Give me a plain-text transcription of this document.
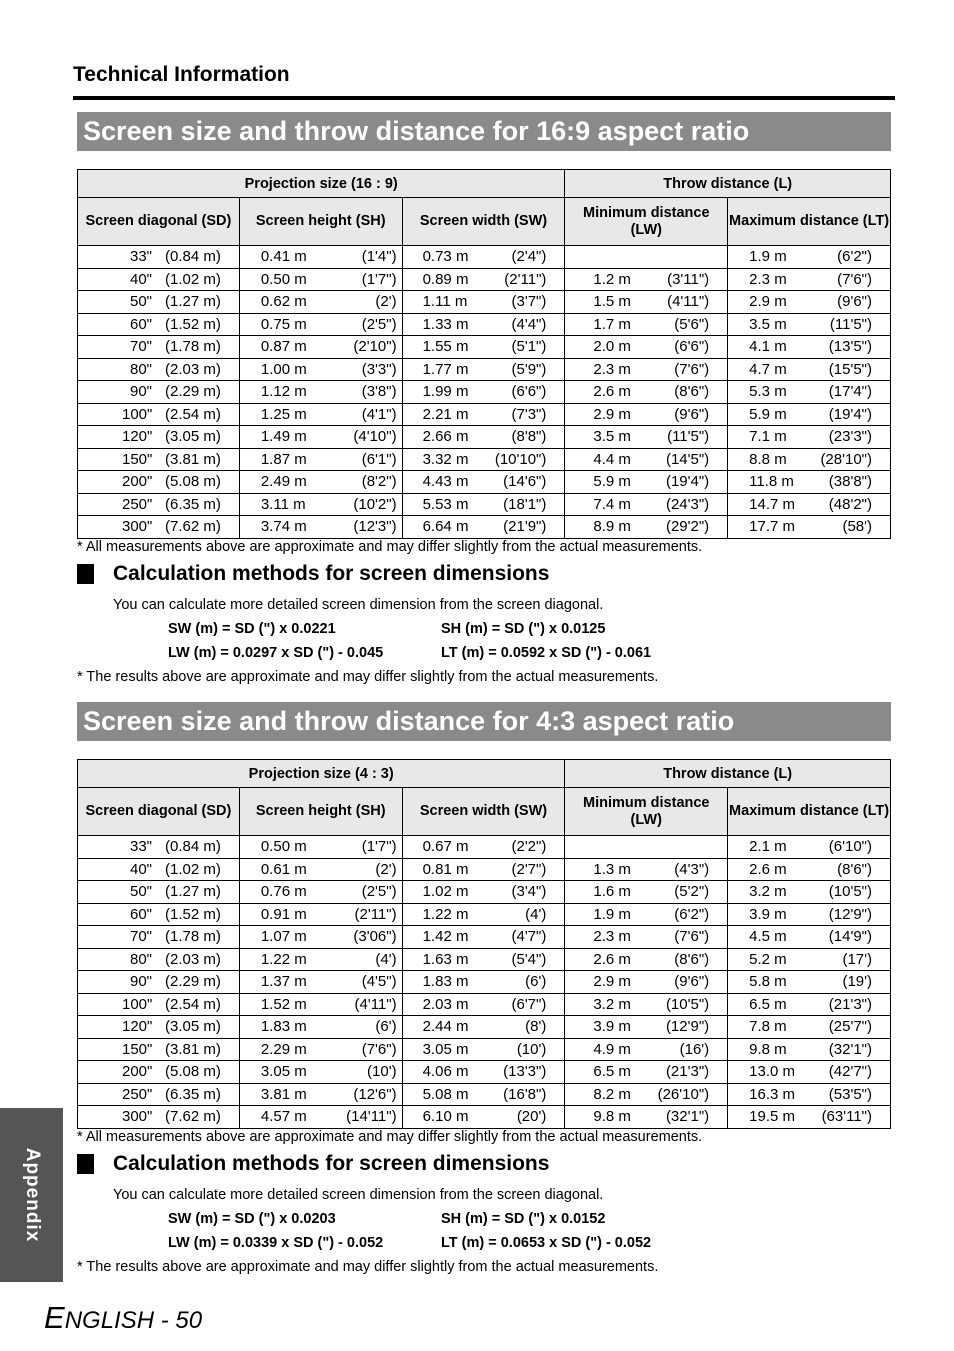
Technical Information
Screen size and throw distance for 16:9 aspect ratio
Projection size (16 : 9)			Throw distance (L)	
Screen diagonal (SD)	Screen height (SH)	Screen width (SW)	Minimum distance (LW)	Maximum distance (LT)

33" (0.84 m)	0.41 m (1'4")	0.73 m (2'4")		1.9 m (6'2")

40" (1.02 m)	0.50 m (1'7")	0.89 m (2'11")	1.2 m (3'11")	2.3 m (7'6")

50" (1.27 m)	0.62 m (2')	1.11 m (3'7")	1.5 m (4'11")	2.9 m (9'6")

60" (1.52 m)	0.75 m (2'5")	1.33 m (4'4")	1.7 m (5'6")	3.5 m (11'5")

70" (1.78 m)	0.87 m (2'10")	1.55 m (5'1")	2.0 m (6'6")	4.1 m (13'5")

80" (2.03 m)	1.00 m (3'3")	1.77 m (5'9")	2.3 m (7'6")	4.7 m (15'5")

90" (2.29 m)	1.12 m (3'8")	1.99 m (6'6")	2.6 m (8'6")	5.3 m (17'4")

100" (2.54 m)	1.25 m (4'1")	2.21 m (7'3")	2.9 m (9'6")	5.9 m (19'4")

120" (3.05 m)	1.49 m (4'10")	2.66 m (8'8")	3.5 m (11'5")	7.1 m (23'3")

150" (3.81 m)	1.87 m (6'1")	3.32 m (10'10")	4.4 m (14'5")	8.8 m (28'10")

200" (5.08 m)	2.49 m (8'2")	4.43 m (14'6")	5.9 m (19'4")	11.8 m (38'8")

250" (6.35 m)	3.11 m (10'2")	5.53 m (18'1")	7.4 m (24'3")	14.7 m (48'2")

300" (7.62 m)	3.74 m (12'3")	6.64 m (21'9")	8.9 m (29'2")	17.7 m (58')
* All measurements above are approximate and may differ slightly from the actual measurements.
Calculation methods for screen dimensions
You can calculate more detailed screen dimension from the screen diagonal.
SW (m) = SD (") x 0.0221	SH (m) = SD (") x 0.0125
LW (m) = 0.0297 x SD (") - 0.045	LT (m) = 0.0592 x SD (") - 0.061
* The results above are approximate and may differ slightly from the actual measurements.
Screen size and throw distance for 4:3 aspect ratio
Projection size (4 : 3)			Throw distance (L)	
Screen diagonal (SD)	Screen height (SH)	Screen width (SW)	Minimum distance (LW)	Maximum distance (LT)

33" (0.84 m)	0.50 m (1'7")	0.67 m (2'2")		2.1 m (6'10")

40" (1.02 m)	0.61 m (2')	0.81 m (2'7")	1.3 m (4'3")	2.6 m (8'6")

50" (1.27 m)	0.76 m (2'5")	1.02 m (3'4")	1.6 m (5'2")	3.2 m (10'5")

60" (1.52 m)	0.91 m (2'11")	1.22 m (4')	1.9 m (6'2")	3.9 m (12'9")

70" (1.78 m)	1.07 m (3'06")	1.42 m (4'7")	2.3 m (7'6")	4.5 m (14'9")

80" (2.03 m)	1.22 m (4')	1.63 m (5'4")	2.6 m (8'6")	5.2 m (17')

90" (2.29 m)	1.37 m (4'5")	1.83 m (6')	2.9 m (9'6")	5.8 m (19')

100" (2.54 m)	1.52 m (4'11")	2.03 m (6'7")	3.2 m (10'5")	6.5 m (21'3")

120" (3.05 m)	1.83 m (6')	2.44 m (8')	3.9 m (12'9")	7.8 m (25'7")

150" (3.81 m)	2.29 m (7'6")	3.05 m (10')	4.9 m (16')	9.8 m (32'1")

200" (5.08 m)	3.05 m (10')	4.06 m (13'3")	6.5 m (21'3")	13.0 m (42'7")

250" (6.35 m)	3.81 m (12'6")	5.08 m (16'8")	8.2 m (26'10")	16.3 m (53'5")

300" (7.62 m)	4.57 m (14'11")	6.10 m (20')	9.8 m (32'1")	19.5 m (63'11")
* All measurements above are approximate and may differ slightly from the actual measurements.
Calculation methods for screen dimensions
You can calculate more detailed screen dimension from the screen diagonal.
SW (m) = SD (") x 0.0203	SH (m) = SD (") x 0.0152
LW (m) = 0.0339 x SD (") - 0.052	LT (m) = 0.0653 x SD (") - 0.052
* The results above are approximate and may differ slightly from the actual measurements.
Appendix
ENGLISH - 50
